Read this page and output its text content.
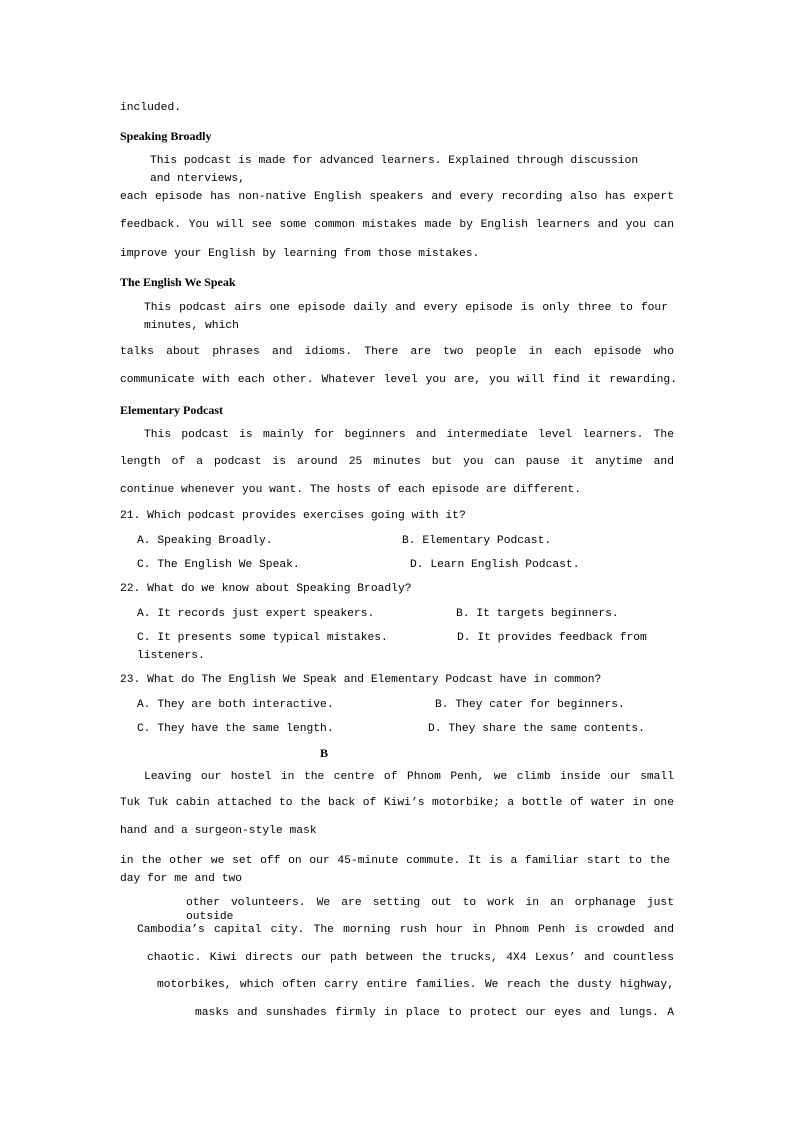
included.
Speaking Broadly
This podcast is made for advanced learners. Explained through discussion
and nterviews,
each episode has non-native English speakers and every recording also has expert
feedback. You will see some common mistakes made by English learners and you can
improve your English by learning from those mistakes.
The English We Speak
This podcast airs one episode daily and every episode is only three to four
minutes, which
talks about phrases and idioms. There are two people in each episode who
communicate with each other. Whatever level you are, you will find it rewarding.
Elementary Podcast
This podcast is mainly for beginners and intermediate level learners. The
length of a podcast is around 25 minutes but you can pause it anytime and
continue whenever you want. The hosts of each episode are different.
21. Which podcast provides exercises going with it?
A. Speaking Broadly.	B. Elementary Podcast.
C. The English We Speak.	D. Learn English Podcast.
22. What do we know about Speaking Broadly?
A. It records just expert speakers.	B. It targets beginners.
C. It presents some typical mistakes.	D. It provides feedback from
listeners.
23. What do The English We Speak and Elementary Podcast have in common?
A. They are both interactive.	B. They cater for beginners.
C. They have the same length.	D. They share the same contents.
B
Leaving our hostel in the centre of Phnom Penh, we climb inside our small
Tuk Tuk cabin attached to the back of Kiwi’s motorbike; a bottle of water in one
hand and a surgeon-style mask
in the other we set off on our 45-minute commute. It is a familiar start to the
day for me and two
other volunteers. We are setting out to work in an orphanage just outside
Cambodia’s capital city. The morning rush hour in Phnom Penh is crowded and
chaotic. Kiwi directs our path between the trucks, 4X4 Lexus’ and countless
motorbikes, which often carry entire families. We reach the dusty highway,
masks and sunshades firmly in place to protect our eyes and lungs. A
